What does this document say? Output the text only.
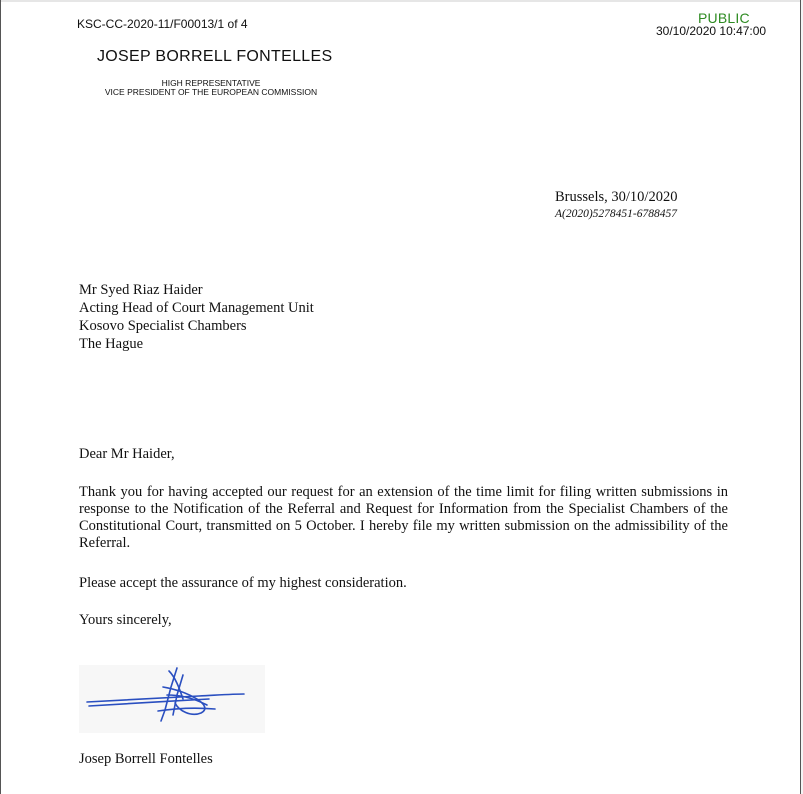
KSC-CC-2020-11/F00013/1 of 4	PUBLIC
30/10/2020 10:47:00
JOSEP BORRELL FONTELLES
HIGH REPRESENTATIVE
VICE PRESIDENT OF THE EUROPEAN COMMISSION
Brussels, 30/10/2020
A(2020)5278451-6788457
Mr Syed Riaz Haider
Acting Head of Court Management Unit
Kosovo Specialist Chambers
The Hague
Dear Mr Haider,
Thank you for having accepted our request for an extension of the time limit for filing written submissions in response to the Notification of the Referral and Request for Information from the Specialist Chambers of the Constitutional Court, transmitted on 5 October. I hereby file my written submission on the admissibility of the Referral.
Please accept the assurance of my highest consideration.
Yours sincerely,
Josep Borrell Fontelles
